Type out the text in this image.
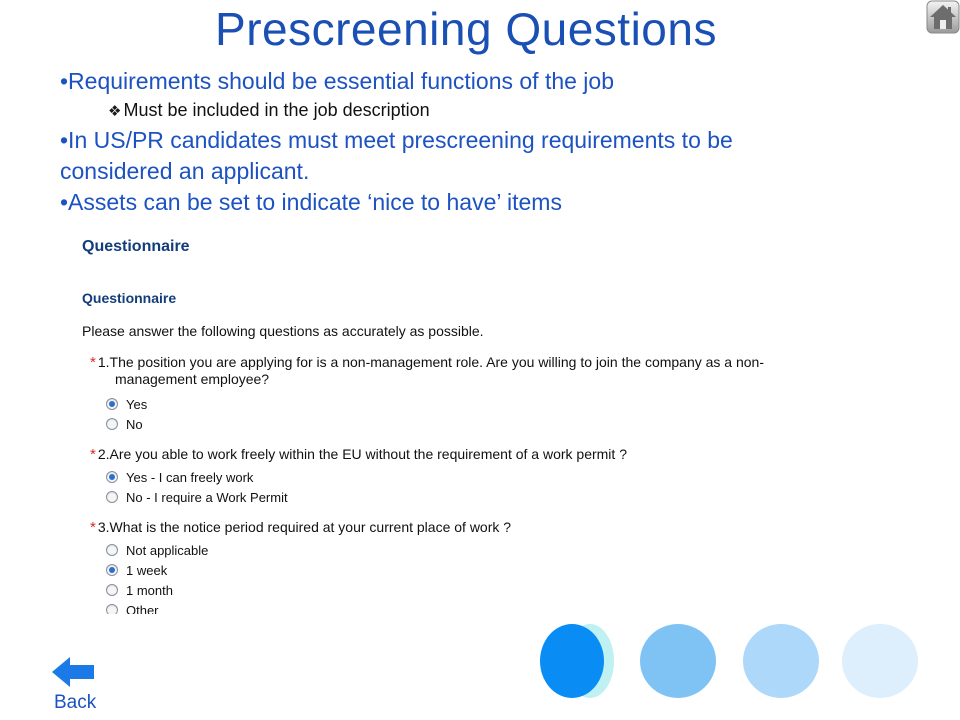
Prescreening Questions
•Requirements should be essential functions of the job
❖ Must be included in the job description
•In US/PR candidates must meet prescreening requirements to be
considered an applicant.
•Assets can be set to indicate ‘nice to have’ items
Questionnaire
Questionnaire
Please answer the following questions as accurately as possible.
* 1.The position you are applying for is a non-management role. Are you willing to join the company as a non-
management employee?
Yes
No
* 2.Are you able to work freely within the EU without the requirement of a work permit ?
Yes - I can freely work
No - I require a Work Permit
* 3.What is the notice period required at your current place of work ?
Not applicable
1 week
1 month
Other
Back
